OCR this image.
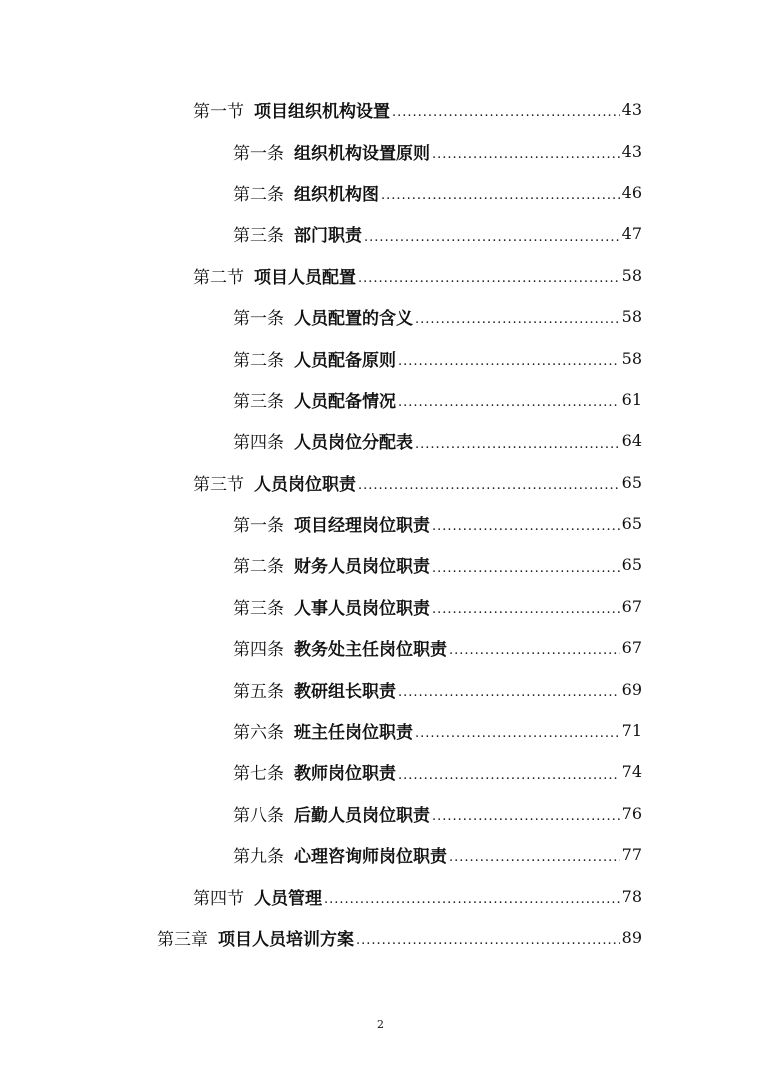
第一节 项目组织机构设置 .....	43
第一条 组织机构设置原则 .....	43
第二条 组织机构图 .....	46
第三条 部门职责 .....	47
第二节 项目人员配置 .....	58
第一条 人员配置的含义 .....	58
第二条 人员配备原则 .....	58
第三条 人员配备情况 .....	61
第四条 人员岗位分配表 .....	64
第三节 人员岗位职责 .....	65
第一条 项目经理岗位职责 .....	65
第二条 财务人员岗位职责 .....	65
第三条 人事人员岗位职责 .....	67
第四条 教务处主任岗位职责 .....	67
第五条 教研组长职责 .....	69
第六条 班主任岗位职责 .....	71
第七条 教师岗位职责 .....	74
第八条 后勤人员岗位职责 .....	76
第九条 心理咨询师岗位职责 .....	77
第四节 人员管理 .....	78
第三章 项目人员培训方案 .....	89
2
